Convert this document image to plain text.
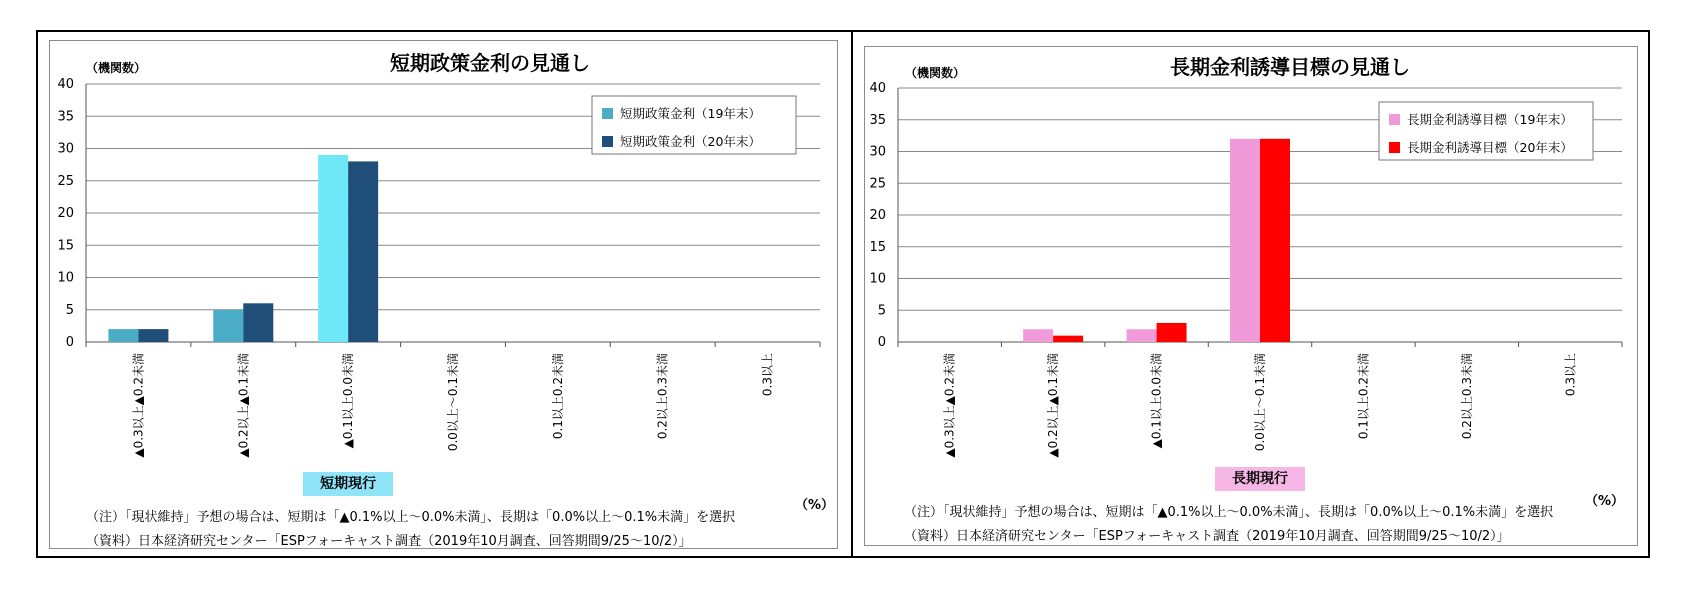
短期政策金利の見通し
（機関数）
0
5
10
15
20
25
30
35
40
▲0.3以上▲0.2未満	▲0.2以上▲0.1未満	▲0.1以上0.0未満	0.0以上～0.1未満	0.1以上0.2未満	0.2以上0.3未満	0.3以上
短期政策金利（19年末）
短期政策金利（20年末）
長期金利誘導目標の見通し
（機関数）
0
5
10
15
20
25
30
35
40
▲0.3以上▲0.2未満	▲0.2以上▲0.1未満	▲0.1以上0.0未満	0.0以上～0.1未満	0.1以上0.2未満	0.2以上0.3未満	0.3以上
長期金利誘導目標（19年末）
長期金利誘導目標（20年末）
短期現行
（%）
（注）「現状維持」予想の場合は、短期は「▲0.1%以上～0.0%未満」、長期は「0.0%以上～0.1%未満」を選択
（資料）日本経済研究センター「ESPフォーキャスト調査（2019年10月調査、回答期間9/25～10/2）」
長期現行
（%）
（注）「現状維持」予想の場合は、短期は「▲0.1%以上～0.0%未満」、長期は「0.0%以上～0.1%未満」を選択
（資料）日本経済研究センター「ESPフォーキャスト調査（2019年10月調査、回答期間9/25～10/2）」
